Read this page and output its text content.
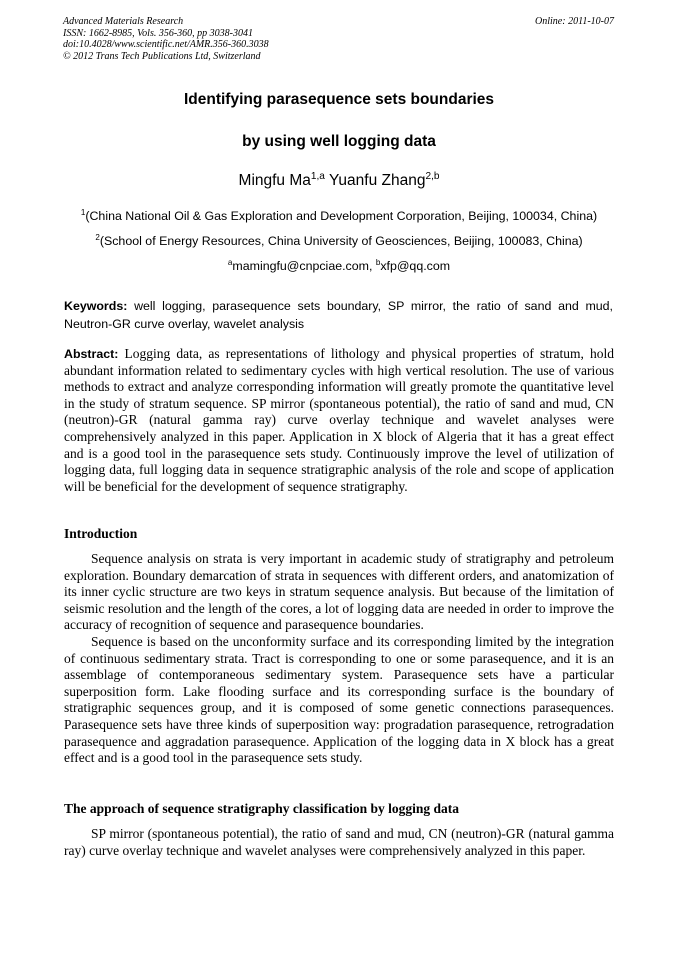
Advanced Materials Research
ISSN: 1662-8985, Vols. 356-360, pp 3038-3041
doi:10.4028/www.scientific.net/AMR.356-360.3038
© 2012 Trans Tech Publications Ltd, Switzerland
Online: 2011-10-07
Identifying parasequence sets boundaries
by using well logging data
Mingfu Ma$^{1,a}$ Yuanfu Zhang$^{2,b}$
$^1$(China National Oil & Gas Exploration and Development Corporation, Beijing, 100034, China)
$^2$(School of Energy Resources, China University of Geosciences, Beijing, 100083, China)
$^a$mamingfu@cnpciae.com, $^b$xfp@qq.com
Keywords: well logging, parasequence sets boundary, SP mirror, the ratio of sand and mud, Neutron-GR curve overlay, wavelet analysis
Abstract: Logging data, as representations of lithology and physical properties of stratum, hold abundant information related to sedimentary cycles with high vertical resolution. The use of various methods to extract and analyze corresponding information will greatly promote the quantitative level in the study of stratum sequence. SP mirror (spontaneous potential), the ratio of sand and mud, CN (neutron)-GR (natural gamma ray) curve overlay technique and wavelet analyses were comprehensively analyzed in this paper. Application in X block of Algeria that it has a great effect and is a good tool in the parasequence sets study. Continuously improve the level of utilization of logging data, full logging data in sequence stratigraphic analysis of the role and scope of application will be beneficial for the development of sequence stratigraphy.
Introduction

Sequence analysis on strata is very important in academic study of stratigraphy and petroleum exploration. Boundary demarcation of strata in sequences with different orders, and anatomization of its inner cyclic structure are two keys in stratum sequence analysis. But because of the limitation of seismic resolution and the length of the cores, a lot of logging data are needed in order to improve the accuracy of recognition of sequence and parasequence boundaries.

Sequence is based on the unconformity surface and its corresponding limited by the integration of continuous sedimentary strata. Tract is corresponding to one or some parasequence, and it is an assemblage of contemporaneous sedimentary system. Parasequence sets have a particular superposition form. Lake flooding surface and its corresponding surface is the boundary of stratigraphic sequences group, and it is composed of some genetic connections parasequences. Parasequence sets have three kinds of superposition way: progradation parasequence, retrogradation parasequence and aggradation parasequence. Application of the logging data in X block has a great effect and is a good tool in the parasequence sets study.

The approach of sequence stratigraphy classification by logging data

SP mirror (spontaneous potential), the ratio of sand and mud, CN (neutron)-GR (natural gamma ray) curve overlay technique and wavelet analyses were comprehensively analyzed in this paper.
